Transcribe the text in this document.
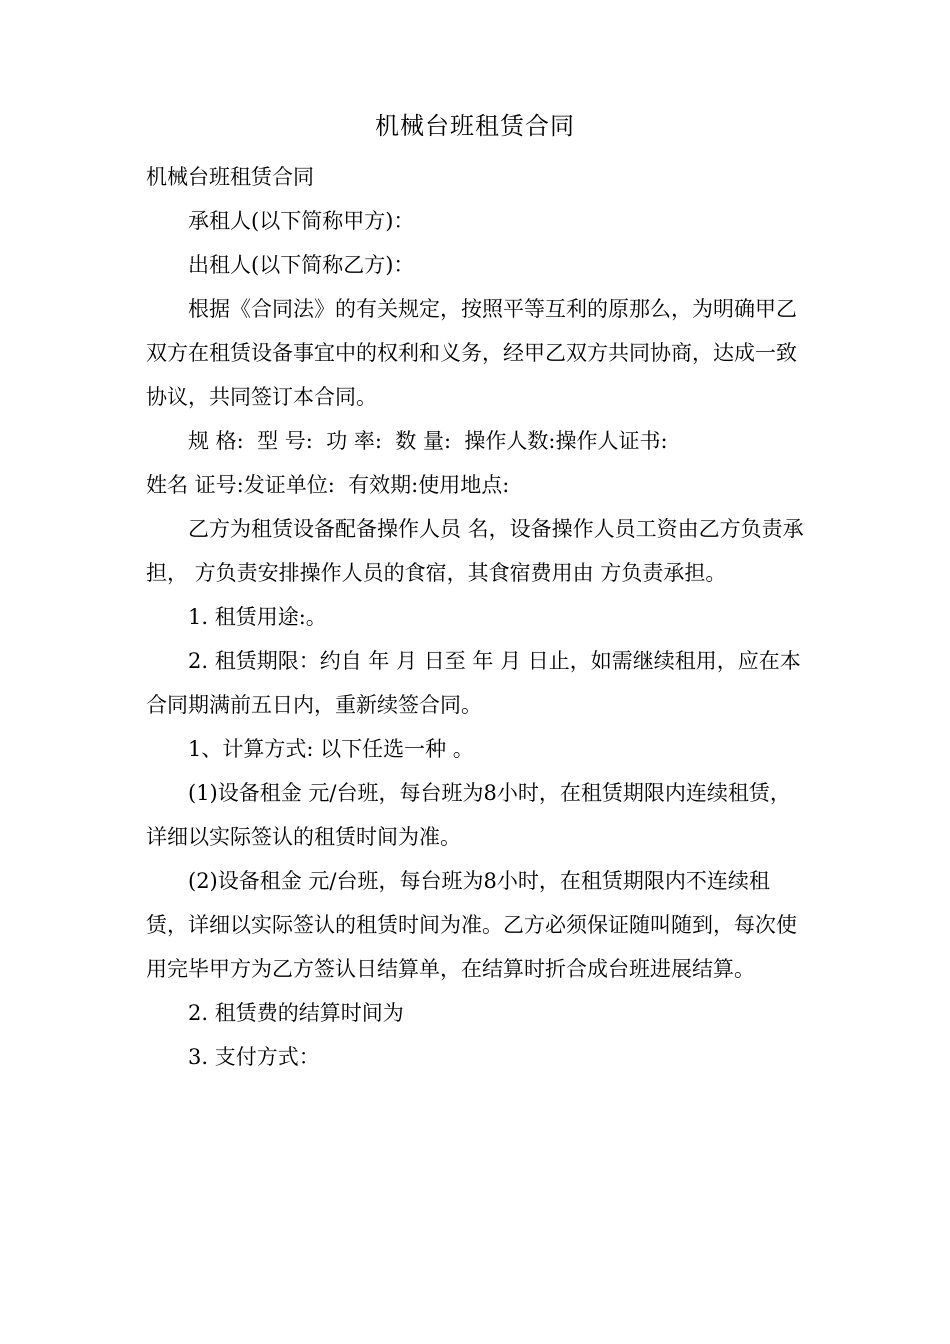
机械台班租赁合同

机械台班租赁合同

承租人(以下简称甲方)：

出租人(以下简称乙方)：

根据《合同法》的有关规定，按照平等互利的原那么，为明确甲乙双方在租赁设备事宜中的权利和义务，经甲乙双方共同协商，达成一致协议，共同签订本合同。

规 格:  型 号:  功 率:  数 量:  操作人数:操作人证书:

姓名 证号:发证单位:  有效期:使用地点:

乙方为租赁设备配备操作人员 名，设备操作人员工资由乙方负责承担， 方负责安排操作人员的食宿，其食宿费用由 方负责承担。

1. 租赁用途:。

2. 租赁期限：约自 年 月 日至 年 月 日止，如需继续租用，应在本合同期满前五日内，重新续签合同。

1、计算方式: 以下任选一种 。

(1)设备租金 元/台班，每台班为8小时，在租赁期限内连续租赁，详细以实际签认的租赁时间为准。

(2)设备租金 元/台班，每台班为8小时，在租赁期限内不连续租赁，详细以实际签认的租赁时间为准。乙方必须保证随叫随到，每次使用完毕甲方为乙方签认日结算单，在结算时折合成台班进展结算。

2. 租赁费的结算时间为

3. 支付方式：
